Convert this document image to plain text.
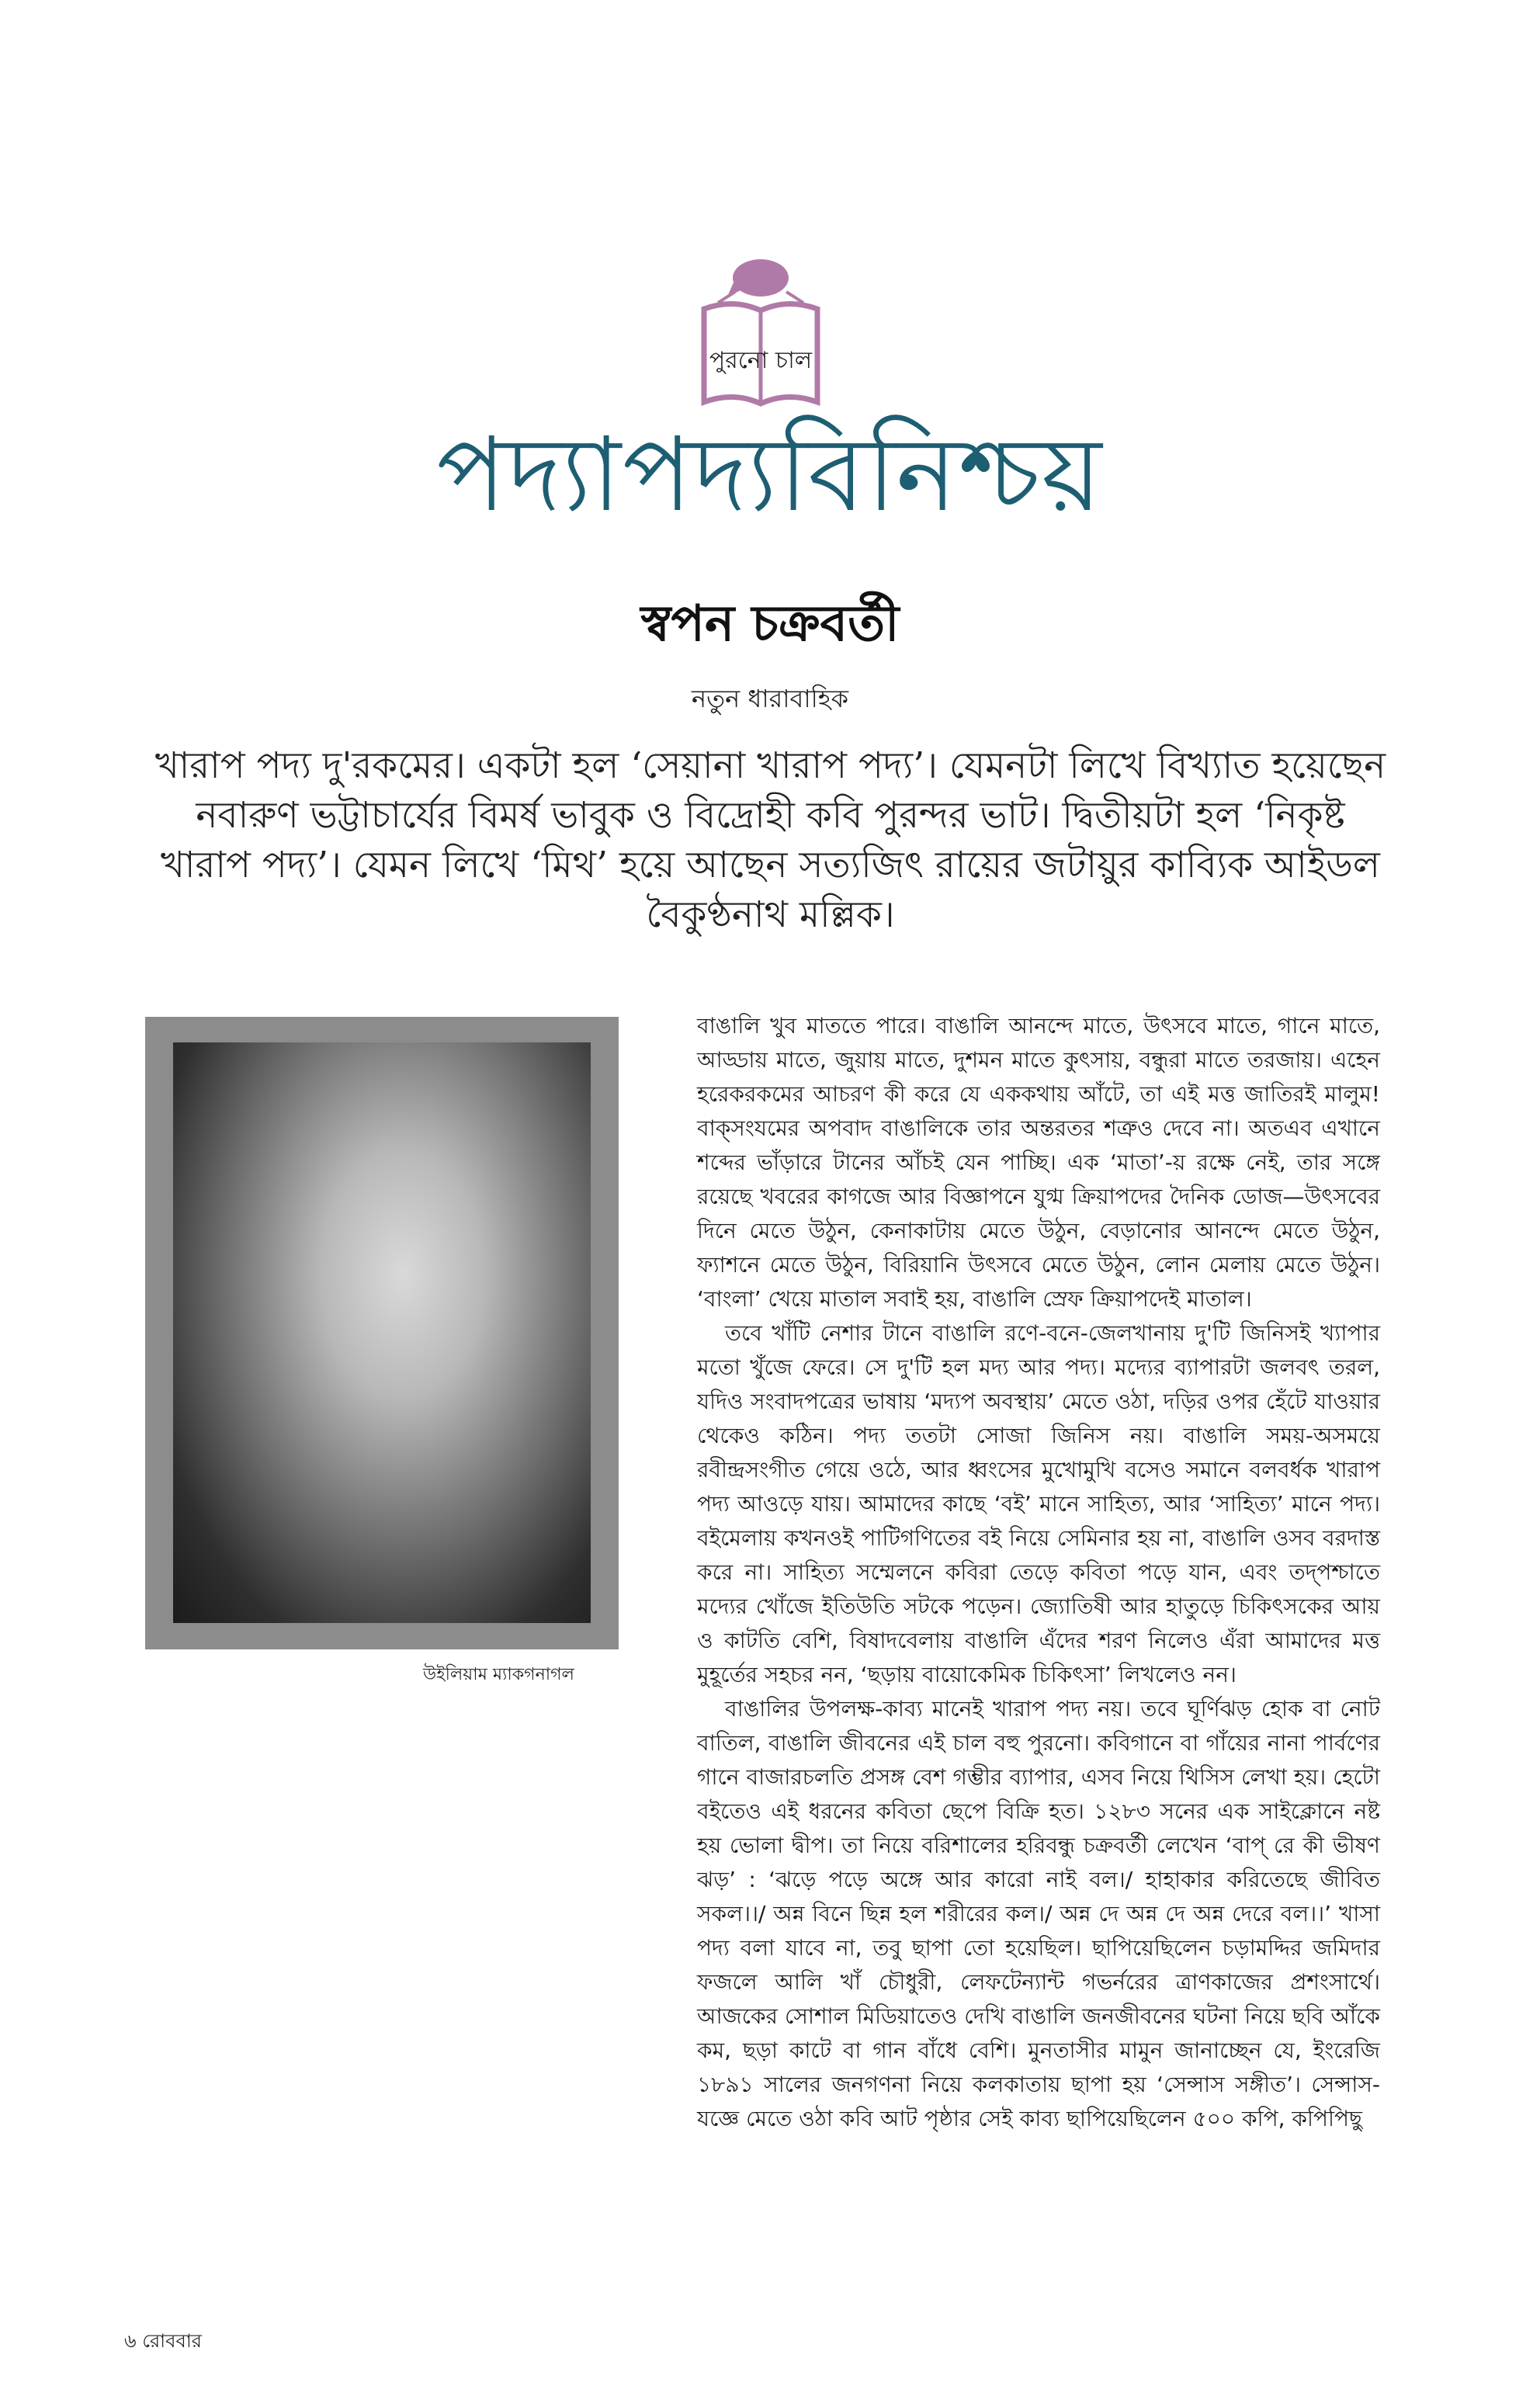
পুরনো চাল
পদ্যাপদ্যবিনিশ্চয়
স্বপন চক্রবর্তী
নতুন ধারাবাহিক
খারাপ পদ্য দু'রকমের। একটা হল ‘সেয়ানা খারাপ পদ্য’। যেমনটা লিখে বিখ্যাত হয়েছেন নবারুণ ভট্টাচার্যের বিমর্ষ ভাবুক ও বিদ্রোহী কবি পুরন্দর ভাট। দ্বিতীয়টা হল ‘নিকৃষ্ট খারাপ পদ্য’। যেমন লিখে ‘মিথ’ হয়ে আছেন সত্যজিৎ রায়ের জটায়ুর কাব্যিক আইডল বৈকুণ্ঠনাথ মল্লিক।
উইলিয়াম ম্যাকগনাগল

বাঙালি খুব মাততে পারে। বাঙালি আনন্দে মাতে, উৎসবে মাতে, গানে মাতে, আড্ডায় মাতে, জুয়ায় মাতে, দুশমন মাতে কুৎসায়, বন্ধুরা মাতে তরজায়। এহেন হরেকরকমের আচরণ কী করে যে এককথায় আঁটে, তা এই মত্ত জাতিরই মালুম! বাক্‌সংযমের অপবাদ বাঙালিকে তার অন্তরতর শত্রুও দেবে না। অতএব এখানে শব্দের ভাঁড়ারে টানের আঁচই যেন পাচ্ছি। এক ‘মাতা’-য় রক্ষে নেই, তার সঙ্গে রয়েছে খবরের কাগজে আর বিজ্ঞাপনে যুগ্ম ক্রিয়াপদের দৈনিক ডোজ—উৎসবের দিনে মেতে উঠুন, কেনাকাটায় মেতে উঠুন, বেড়ানোর আনন্দে মেতে উঠুন, ফ্যাশনে মেতে উঠুন, বিরিয়ানি উৎসবে মেতে উঠুন, লোন মেলায় মেতে উঠুন। ‘বাংলা’ খেয়ে মাতাল সবাই হয়, বাঙালি স্রেফ ক্রিয়াপদেই মাতাল।

তবে খাঁটি নেশার টানে বাঙালি রণে-বনে-জেলখানায় দু'টি জিনিসই খ্যাপার মতো খুঁজে ফেরে। সে দু'টি হল মদ্য আর পদ্য। মদ্যের ব্যাপারটা জলবৎ তরল, যদিও সংবাদপত্রের ভাষায় ‘মদ্যপ অবস্থায়’ মেতে ওঠা, দড়ির ওপর হেঁটে যাওয়ার থেকেও কঠিন। পদ্য ততটা সোজা জিনিস নয়। বাঙালি সময়-অসময়ে রবীন্দ্রসংগীত গেয়ে ওঠে, আর ধ্বংসের মুখোমুখি বসেও সমানে বলবর্ধক খারাপ পদ্য আওড়ে যায়। আমাদের কাছে ‘বই’ মানে সাহিত্য, আর ‘সাহিত্য’ মানে পদ্য। বইমেলায় কখনওই পাটিগণিতের বই নিয়ে সেমিনার হয় না, বাঙালি ওসব বরদাস্ত করে না। সাহিত্য সম্মেলনে কবিরা তেড়ে কবিতা পড়ে যান, এবং তদ্‌পশ্চাতে মদ্যের খোঁজে ইতিউতি সটকে পড়েন। জ্যোতিষী আর হাতুড়ে চিকিৎসকের আয় ও কাটতি বেশি, বিষাদবেলায় বাঙালি এঁদের শরণ নিলেও এঁরা আমাদের মত্ত মুহূর্তের সহচর নন, ‘ছড়ায় বায়োকেমিক চিকিৎসা’ লিখলেও নন।

বাঙালির উপলক্ষ-কাব্য মানেই খারাপ পদ্য নয়। তবে ঘূর্ণিঝড় হোক বা নোট বাতিল, বাঙালি জীবনের এই চাল বহু পুরনো। কবিগানে বা গাঁয়ের নানা পার্বণের গানে বাজারচলতি প্রসঙ্গ বেশ গম্ভীর ব্যাপার, এসব নিয়ে থিসিস লেখা হয়। হেটো বইতেও এই ধরনের কবিতা ছেপে বিক্রি হত। ১২৮৩ সনের এক সাইক্লোনে নষ্ট হয় ভোলা দ্বীপ। তা নিয়ে বরিশালের হরিবন্ধু চক্রবর্তী লেখেন ‘বাপ্ রে কী ভীষণ ঝড়’ : ‘ঝড়ে পড়ে অঙ্গে আর কারো নাই বল।/ হাহাকার করিতেছে জীবিত সকল।।/ অন্ন বিনে ছিন্ন হল শরীরের কল।/ অন্ন দে অন্ন দে অন্ন দেরে বল।।’ খাসা পদ্য বলা যাবে না, তবু ছাপা তো হয়েছিল। ছাপিয়েছিলেন চড়ামদ্দির জমিদার ফজলে আলি খাঁ চৌধুরী, লেফটেন্যান্ট গভর্নরের ত্রাণকাজের প্রশংসার্থে। আজকের সোশাল মিডিয়াতেও দেখি বাঙালি জনজীবনের ঘটনা নিয়ে ছবি আঁকে কম, ছড়া কাটে বা গান বাঁধে বেশি। মুনতাসীর মামুন জানাচ্ছেন যে, ইংরেজি ১৮৯১ সালের জনগণনা নিয়ে কলকাতায় ছাপা হয় ‘সেন্সাস সঙ্গীত’। সেন্সাস-যজ্ঞে মেতে ওঠা কবি আট পৃষ্ঠার সেই কাব্য ছাপিয়েছিলেন ৫০০ কপি, কপিপিছু

৬ রোববার
